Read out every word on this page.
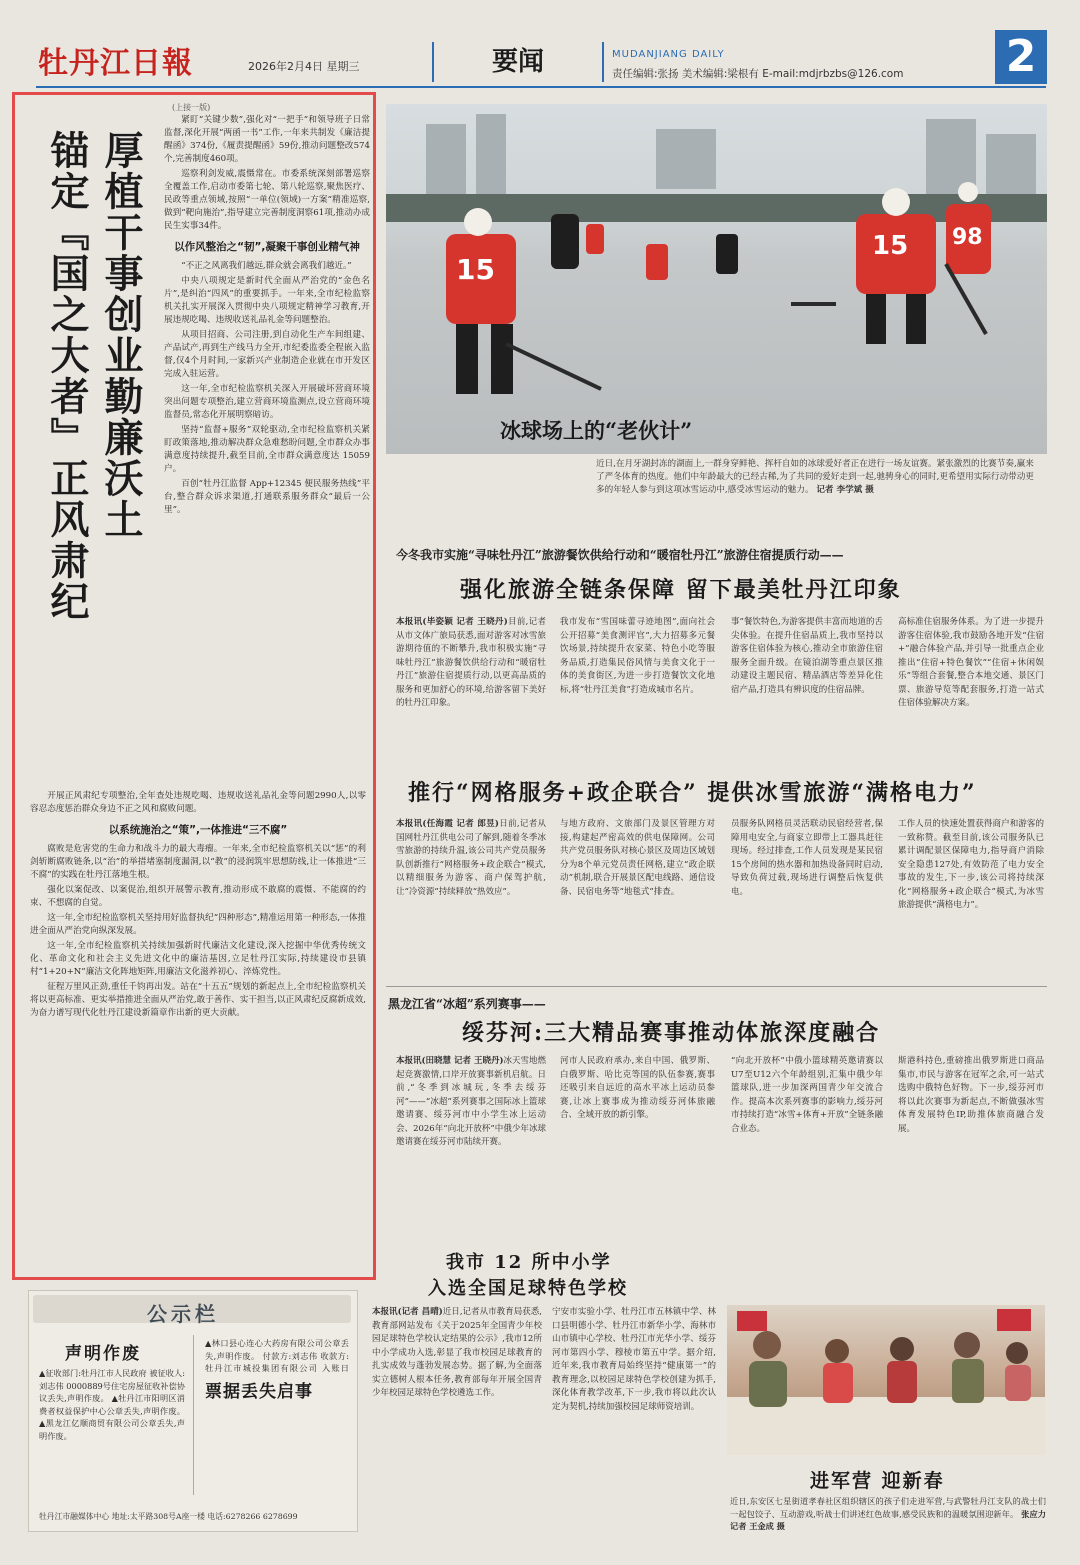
牡丹江日報	2026年2月4日 星期三	要闻	MUDANJIANG DAILY
责任编辑:张扬 美术编辑:梁根有 E-mail:mdjrbzbs@126.com 2
(上接一版)
厚植干事创业勤廉沃土
锚定『国之大者』正风肃纪

紧盯“关键少数”,强化对“一把手”和领导班子日常监督,深化开展“两函一书”工作,一年来共制发《廉洁提醒函》374份,《履责提醒函》59份,推动问题整改574个,完善制度460项。

巡察利剑发威,震慑常在。市委系统深刻部署巡察全覆盖工作,启动市委第七轮、第八轮巡察,聚焦医疗、民政等重点领域,按照“一单位(领域)一方案”精准巡察,做到“靶向施治”,指导建立完善制度洞察61项,推动办成民生实事34件。

以作风整治之“韧”,凝聚干事创业精气神

“不正之风离我们越远,群众就会离我们越近。”

中央八项规定是新时代全面从严治党的“金色名片”,是纠治“四风”的重要抓手。一年来,全市纪检监察机关扎实开展深入贯彻中央八项规定精神学习教育,开展违规吃喝、违规收送礼品礼金等问题整治。

从项目招商、公司注册,到自动化生产车间组建、产品试产,再到生产线马力全开,市纪委监委全程嵌入监督,仅4个月时间,一家新兴产业制造企业就在市开发区完成入驻运营。

这一年,全市纪检监察机关深入开展破坏营商环境突出问题专项整治,建立营商环境监测点,设立营商环境监督员,常态化开展明察暗访。

坚持“监督+服务”双轮驱动,全市纪检监察机关紧盯政策落地,推动解决群众急难愁盼问题,全市群众办事满意度持续提升,截至目前,全市群众满意度达 15059户。

百创“牡丹江监督 App+12345 便民服务热线”平台,整合群众诉求渠道,打通联系服务群众“最后一公里”。

开展正风肃纪专项整治,全年查处违规吃喝、违规收送礼品礼金等问题2990人,以零容忍态度惩治群众身边不正之风和腐败问题。

以系统施治之“策”,一体推进“三不腐”

腐败是危害党的生命力和战斗力的最大毒瘤。一年来,全市纪检监察机关以“惩”的利剑斩断腐败链条,以“治”的举措堵塞制度漏洞,以“教”的浸润筑牢思想防线,让一体推进“三不腐”的实践在牡丹江落地生根。

强化以案促改、以案促治,组织开展警示教育,推动形成不敢腐的震慑、不能腐的约束、不想腐的自觉。

这一年,全市纪检监察机关坚持用好监督执纪“四种形态”,精准运用第一种形态,一体推进全面从严治党向纵深发展。

这一年,全市纪检监察机关持续加强新时代廉洁文化建设,深入挖掘中华优秀传统文化、革命文化和社会主义先进文化中的廉洁基因,立足牡丹江实际,持续建设市县镇村“1+20+N”廉洁文化阵地矩阵,用廉洁文化滋养初心、淬炼党性。

征程万里风正劲,重任千钧再出发。站在“十五五”规划的新起点上,全市纪检监察机关将以更高标准、更实举措推进全面从严治党,敢于善作、实干担当,以正风肃纪反腐新成效,为奋力谱写现代化牡丹江建设新篇章作出新的更大贡献。

15
15 98
冰球场上的“老伙计”
近日,在月牙湖封冻的湖面上,一群身穿鲜艳、挥杆自如的冰球爱好者正在进行一场友谊赛。紧张激烈的比赛节奏,赢来了严冬体育的热度。他们中年龄最大的已经古稀,为了共同的爱好走到一起,驰骋身心的同时,更希望用实际行动带动更多的年轻人参与到这项冰雪运动中,感受冰雪运动的魅力。 记者 李学斌 摄
今冬我市实施“寻味牡丹江”旅游餐饮供给行动和“暖宿牡丹江”旅游住宿提质行动——
强化旅游全链条保障 留下最美牡丹江印象
本报讯(毕姿颖 记者 王晓丹)目前,记者从市文体广旅局获悉,面对游客对冰雪旅游期待值的不断攀升,我市积极实施“寻味牡丹江”旅游餐饮供给行动和“暖宿牡丹江”旅游住宿提质行动,以更高品质的服务和更加舒心的环境,给游客留下美好的牡丹江印象。
我市发布“雪国味蕾寻迹地图”,面向社会公开招募“美食测评官”,大力招募多元餐饮场景,持续提升农家菜、特色小吃等服务品质,打造集民俗风情与美食文化于一体的美食街区,为进一步打造餐饮文化地标,将“牡丹江美食”打造成城市名片。
事”餐饮特色,为游客提供丰富而地道的舌尖体验。在提升住宿品质上,我市坚持以游客住宿体验为核心,推动全市旅游住宿服务全面升级。在镜泊湖等重点景区推动建设主题民宿、精品酒店等差异化住宿产品,打造具有辨识度的住宿品牌。
高标准住宿服务体系。为了进一步提升游客住宿体验,我市鼓励各地开发“住宿+”融合体验产品,并引导一批重点企业推出“住宿+特色餐饮”“住宿+休闲娱乐”等组合套餐,整合本地交通、景区门票、旅游导览等配套服务,打造一站式住宿体验解决方案。
推行“网格服务+政企联合” 提供冰雪旅游“满格电力”
本报讯(任海霞 记者 郎昱)日前,记者从国网牡丹江供电公司了解到,随着冬季冰雪旅游的持续升温,该公司共产党员服务队创新推行“网格服务+政企联合”模式,以精细服务为游客、商户保驾护航,让“冷资源”持续释放“热效应”。
与地方政府、文旅部门及景区管理方对接,构建起严密高效的供电保障网。公司共产党员服务队对核心景区及周边区域划分为8个单元党员责任网格,建立“政企联动”机制,联合开展景区配电线路、通信设备、民宿电务等“地毯式”排查。
员服务队网格员灵活联动民宿经营者,保障用电安全,与商家立即带上工器具赶往现场。经过排查,工作人员发现是某民宿15个房间的热水器和加热设备同时启动,导致负荷过载,现场进行调整后恢复供电。
工作人员的快速处置获得商户和游客的一致称赞。截至目前,该公司服务队已累计调配景区保障电力,指导商户消除安全隐患127处,有效防范了电力安全事故的发生,下一步,该公司将持续深化“网格服务+政企联合”模式,为冰雪旅游提供“满格电力”。
黑龙江省“冰超”系列赛事——
绥芬河:三大精品赛事推动体旅深度融合
本报讯(田晓慧 记者 王晓丹)冰天雪地燃起竞赛激情,口岸开放赛事新机启航。日前,“冬季到冰城玩,冬季去绥芬河”——“冰超”系列赛事之国际冰上篮球邀请赛、绥芬河市中小学生冰上运动会、2026年“向北开放杯”中俄少年冰球邀请赛在绥芬河市陆续开赛。
河市人民政府承办,来自中国、俄罗斯、白俄罗斯、哈比克等国的队伍参赛,赛事还吸引来自远近的高水平冰上运动员参赛,让冰上赛事成为推动绥芬河体旅融合、全域开放的新引擎。
“向北开放杯”中俄小篮球精英邀请赛以U7至U12六个年龄组别,汇集中俄少年篮球队,进一步加深两国青少年交流合作。提高本次系列赛事的影响力,绥芬河市持续打造“冰雪+体育+开放”全链条融合业态。
斯港科持色,重磅推出俄罗斯进口商品集市,市民与游客在冠军之余,可一站式选购中俄特色好物。下一步,绥芬河市将以此次赛事为新起点,不断做强冰雪体育发展特色IP,助推体旅商融合发展。
公示栏
声明作废
▲征收部门:牡丹江市人民政府 被征收人:刘志伟 0000889号住宅房屋征收补偿协议丢失,声明作废。 ▲牡丹江市阳明区消费者权益保护中心公章丢失,声明作废。 ▲黑龙江亿顺商贸有限公司公章丢失,声明作废。
票据丢失启事
▲林口县心连心大药房有限公司公章丢失,声明作废。 付款方:刘志伟 收款方:牡丹江市城投集团有限公司 入账日
牡丹江市融媒体中心 地址:太平路308号A座一楼 电话:6278266 6278699
我市 12 所中小学
入选全国足球特色学校
本报讯(记者 昌晴)近日,记者从市教育局获悉,教育部网站发布《关于2025年全国青少年校园足球特色学校认定结果的公示》,我市12所中小学成功入选,彰显了我市校园足球教育的扎实成效与蓬勃发展态势。据了解,为全面落实立德树人根本任务,教育部每年开展全国青少年校园足球特色学校遴选工作。
宁安市实验小学、牡丹江市五林镇中学、林口县明德小学、牡丹江市新华小学、海林市山市镇中心学校、牡丹江市光华小学、绥芬河市第四小学、穆棱市第五中学。据介绍,近年来,我市教育局始终坚持“健康第一”的教育理念,以校园足球特色学校创建为抓手,深化体育教学改革,下一步,我市将以此次认定为契机,持续加强校园足球师资培训。
进军营 迎新春
近日,东安区七星街道孝春社区组织辖区的孩子们走进军营,与武警牡丹江支队的战士们一起包饺子、互动游戏,听战士们讲述红色故事,感受民族和的温暖氛围迎新年。 张应力 记者 王金成 摄
